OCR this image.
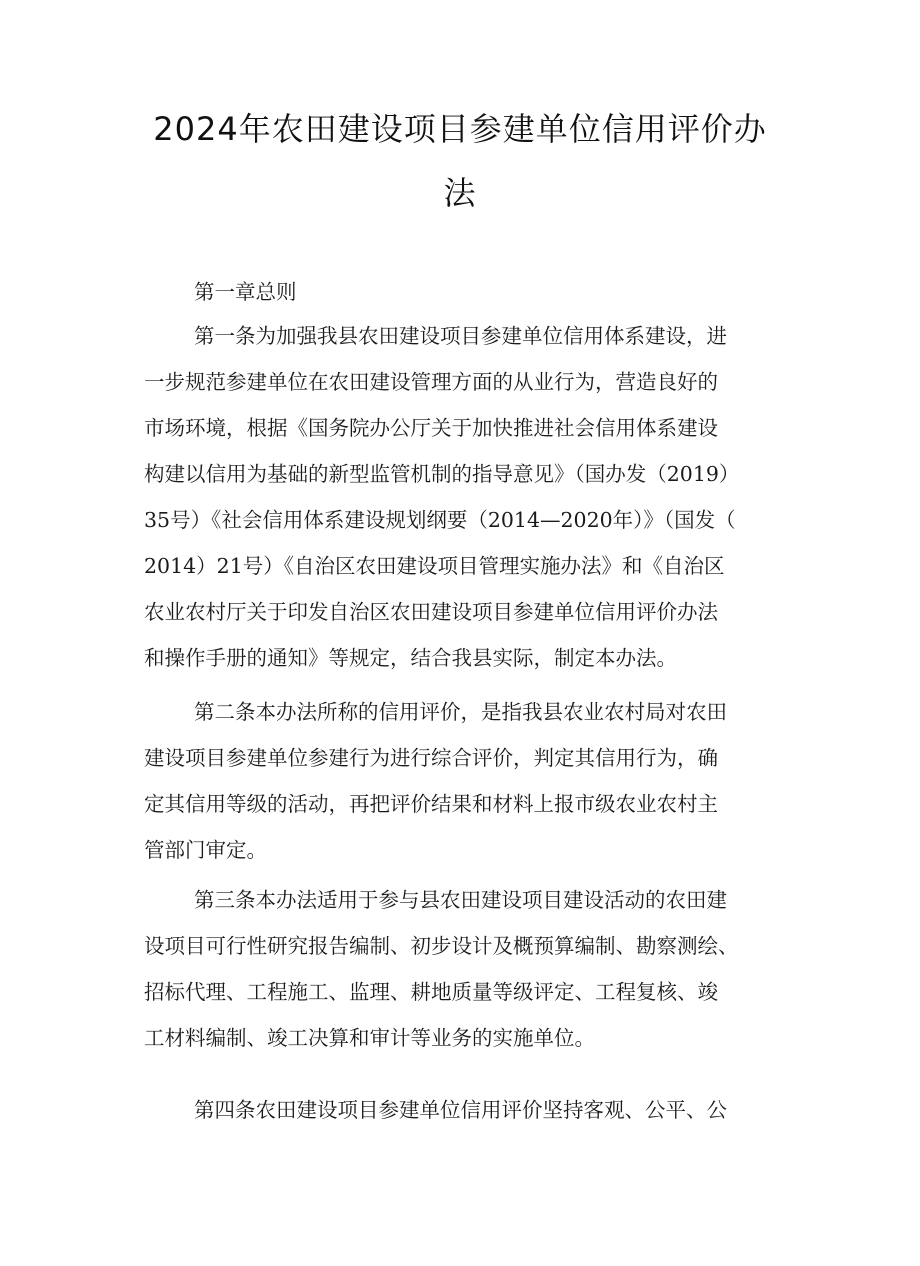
2024年农田建设项目参建单位信用评价办
法
第一章总则
第一条为加强我县农田建设项目参建单位信用体系建设，进
一步规范参建单位在农田建设管理方面的从业行为，营造良好的
市场环境，根据《国务院办公厅关于加快推进社会信用体系建设
构建以信用为基础的新型监管机制的指导意见》（国办发（2019）
35号）《社会信用体系建设规划纲要（2014—2020年）》（国发（
2014）21号）《自治区农田建设项目管理实施办法》和《自治区
农业农村厅关于印发自治区农田建设项目参建单位信用评价办法
和操作手册的通知》等规定，结合我县实际，制定本办法。
第二条本办法所称的信用评价，是指我县农业农村局对农田
建设项目参建单位参建行为进行综合评价，判定其信用行为，确
定其信用等级的活动，再把评价结果和材料上报市级农业农村主
管部门审定。
第三条本办法适用于参与县农田建设项目建设活动的农田建
设项目可行性研究报告编制、初步设计及概预算编制、勘察测绘、
招标代理、工程施工、监理、耕地质量等级评定、工程复核、竣
工材料编制、竣工决算和审计等业务的实施单位。
第四条农田建设项目参建单位信用评价坚持客观、公平、公
